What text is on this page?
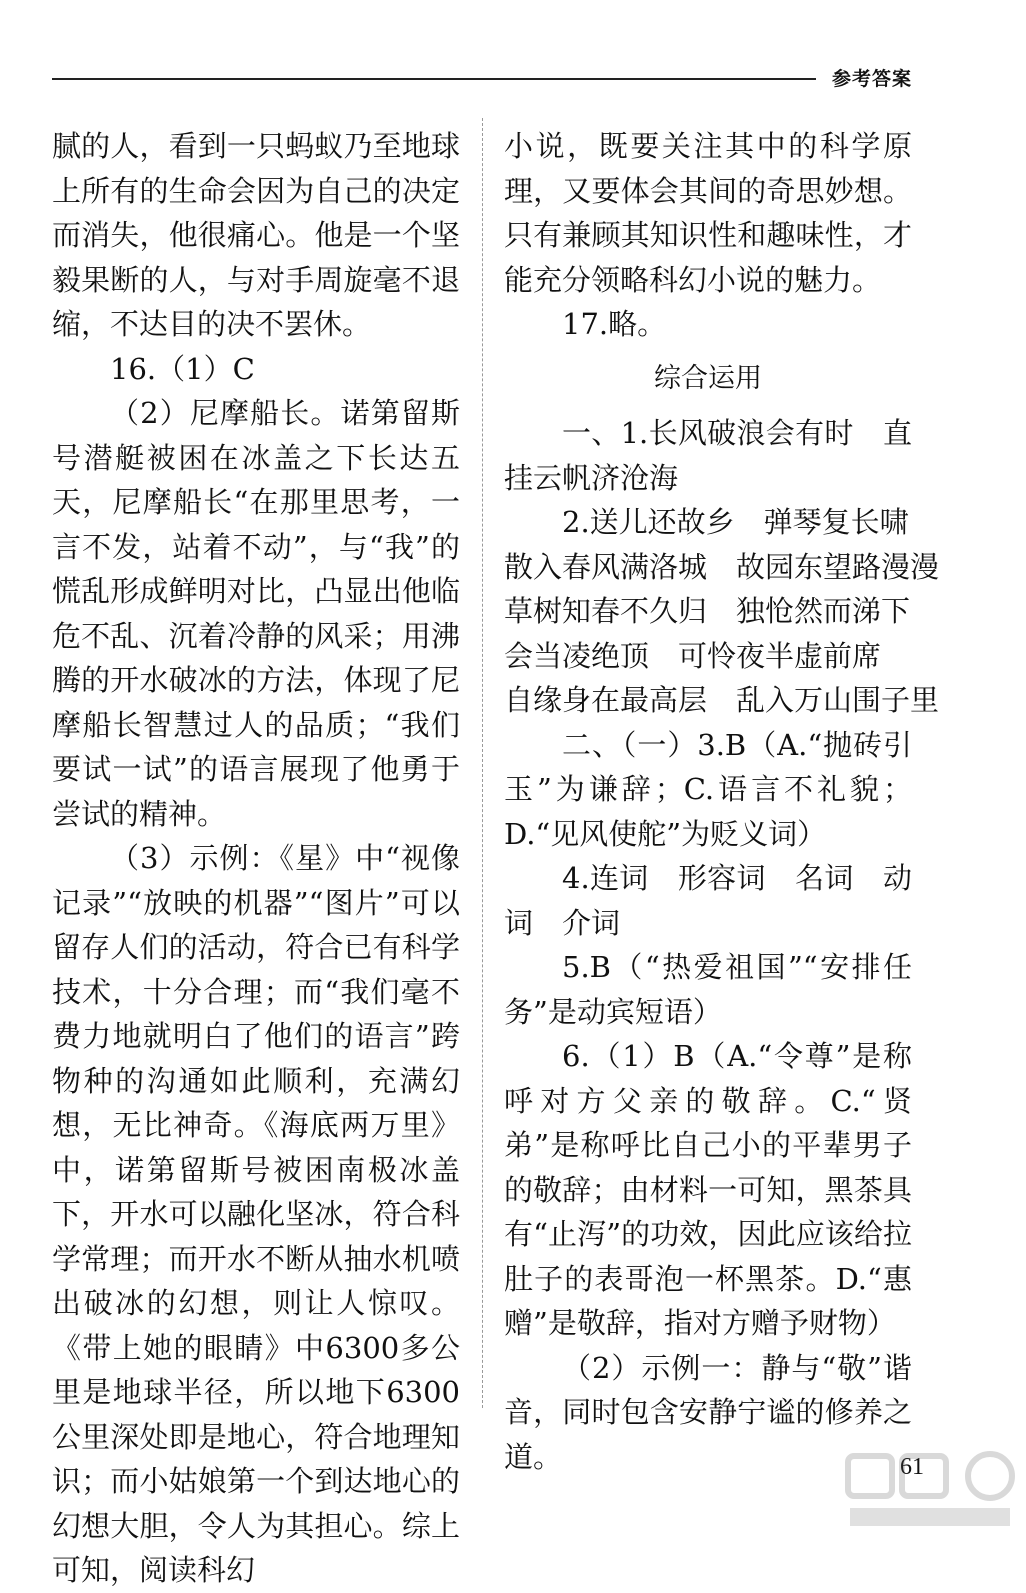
参考答案

腻的人，看到一只蚂蚁乃至地球上所有的生命会因为自己的决定而消失，他很痛心。他是一个坚毅果断的人，与对手周旋毫不退缩，不达目的决不罢休。

16.（1）C

（2）尼摩船长。诺第留斯号潜艇被困在冰盖之下长达五天，尼摩船长“在那里思考，一言不发，站着不动”，与“我”的慌乱形成鲜明对比，凸显出他临危不乱、沉着冷静的风采；用沸腾的开水破冰的方法，体现了尼摩船长智慧过人的品质；“我们要试一试”的语言展现了他勇于尝试的精神。

（3）示例：《星》中“视像记录”“放映的机器”“图片”可以留存人们的活动，符合已有科学技术，十分合理；而“我们毫不费力地就明白了他们的语言”跨物种的沟通如此顺利，充满幻想，无比神奇。《海底两万里》中，诺第留斯号被困南极冰盖下，开水可以融化坚冰，符合科学常理；而开水不断从抽水机喷出破冰的幻想，则让人惊叹。《带上她的眼睛》中6300多公里是地球半径，所以地下6300公里深处即是地心，符合地理知识；而小姑娘第一个到达地心的幻想大胆，令人为其担心。综上可知，阅读科幻

小说，既要关注其中的科学原理，又要体会其间的奇思妙想。只有兼顾其知识性和趣味性，才能充分领略科幻小说的魅力。

17.略。

综合运用

一、1.长风破浪会有时　直挂云帆济沧海

2.送儿还故乡　弹琴复长啸

散入春风满洛城　故园东望路漫漫

草树知春不久归　独怆然而涕下

会当凌绝顶　可怜夜半虚前席

自缘身在最高层　乱入万山围子里

二、（一）3.B（A.“抛砖引玉”为谦辞；C.语言不礼貌；D.“见风使舵”为贬义词）

4.连词　形容词　名词　动词　介词

5.B（“热爱祖国”“安排任务”是动宾短语）

6.（1）B（A.“令尊”是称呼对方父亲的敬辞。C.“贤弟”是称呼比自己小的平辈男子的敬辞；由材料一可知，黑茶具有“止泻”的功效，因此应该给拉肚子的表哥泡一杯黑茶。D.“惠赠”是敬辞，指对方赠予财物）

（2）示例一：静与“敬”谐音，同时包含安静宁谧的修养之道。	61
